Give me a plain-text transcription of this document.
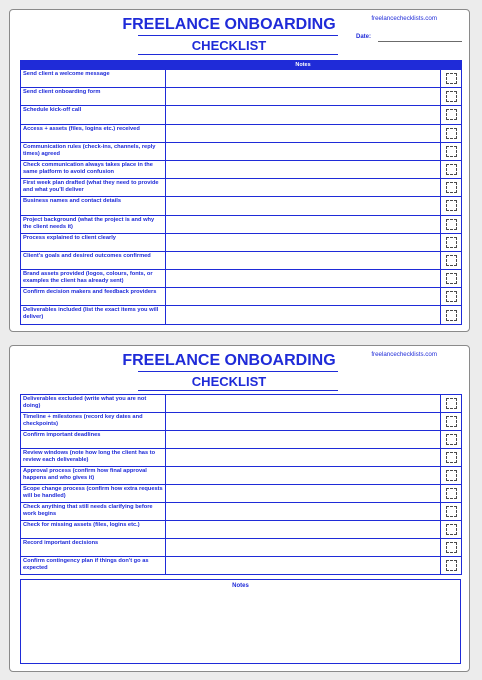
freelancechecklists.com
FREELANCE ONBOARDING
CHECKLIST
Date:
	Notes	
Send client a welcome message		

Send client onboarding form		

Schedule kick-off call		

Access + assets (files, logins etc.) received		

Communication rules (check-ins, channels, reply times) agreed		

Check communication always takes place in the same platform to avoid confusion		

First week plan drafted (what they need to provide and what you'll deliver		

Business names and contact details		

Project background (what the project is and why the client needs it)		

Process explained to client clearly		

Client's goals and desired outcomes confirmed		

Brand assets provided (logos, colours, fonts, or examples the client has already sent)		

Confirm decision makers and feedback providers		

Deliverables included (list the exact items you will deliver)		
freelancechecklists.com
FREELANCE ONBOARDING
CHECKLIST
Deliverables excluded (write what you are not doing)		

Timeline + milestones (record key dates and checkpoints)		

Confirm important deadlines		

Review windows (note how long the client has to review each deliverable)		

Approval process (confirm how final approval happens and who gives it)		

Scope change process (confirm how extra requests will be handled)		

Check anything that still needs clarifying before work begins		

Check for missing assets (files, logins etc.)		

Record important decisions		

Confirm contingency plan if things don't go as expected		
Notes
